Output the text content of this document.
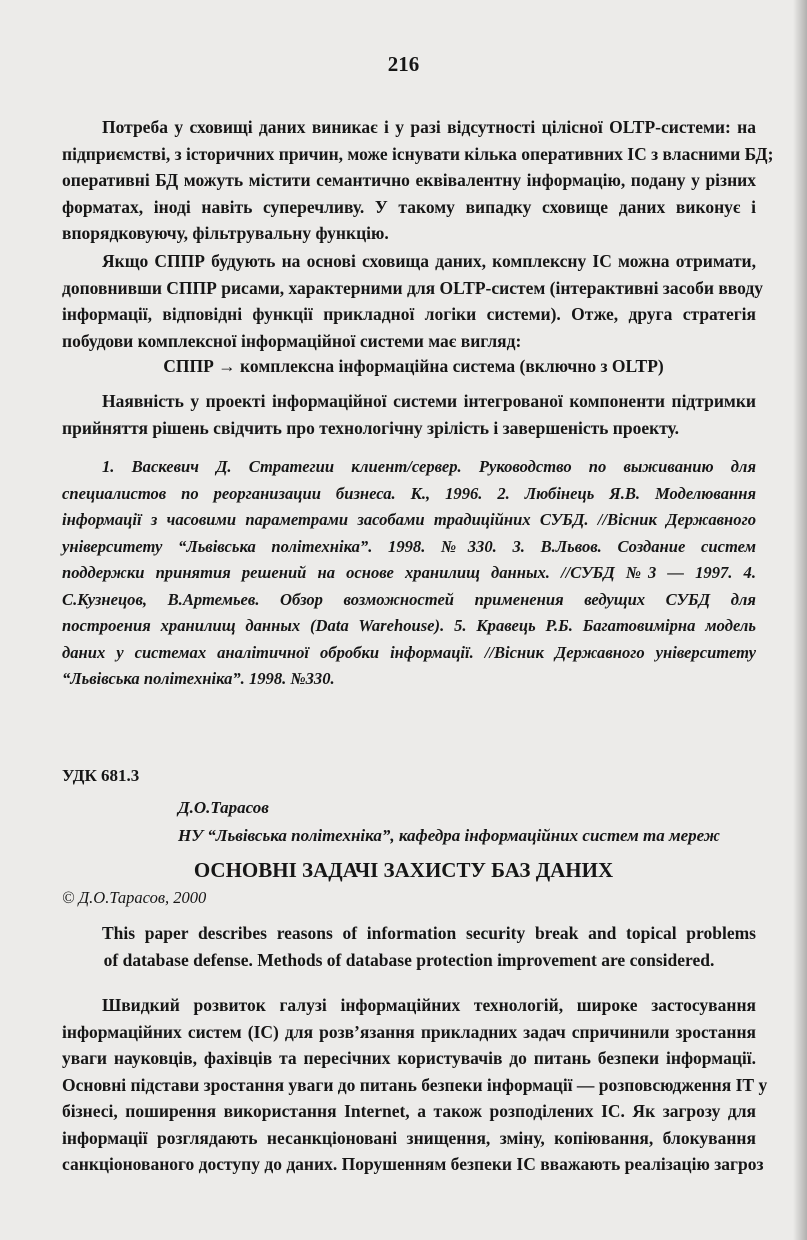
216
Потреба у сховищі даних виникає і у разі відсутності цілісної OLTP-системи: на
підприємстві, з історичних причин, може існувати кілька оперативних ІС з власними БД;
оперативні БД можуть містити семантично еквівалентну інформацію, подану у різних
форматах, іноді навіть суперечливу. У такому випадку сховище даних виконує і
впорядковуючу, фільтрувальну функцію.
Якщо СППР будують на основі сховища даних, комплексну ІС можна отримати,
доповнивши СППР рисами, характерними для OLTP-систем (інтерактивні засоби вводу
інформації, відповідні функції прикладної логіки системи). Отже, друга стратегія
побудови комплексної інформаційної системи має вигляд:
СППР → комплексна інформаційна система (включно з OLTP)
Наявність у проекті інформаційної системи інтегрованої компоненти підтримки
прийняття рішень свідчить про технологічну зрілість і завершеність проекту.
1. Васкевич Д. Стратегии клиент/сервер. Руководство по выживанию для
специалистов по реорганизации бизнеса. К., 1996. 2. Любінець Я.В. Моделювання
інформації з часовими параметрами засобами традиційних СУБД. //Вісник Державного
університету “Львівська політехніка”. 1998. №330. 3. В.Львов. Создание систем
поддержки принятия решений на основе хранилищ данных. //СУБД №3 — 1997. 4.
С.Кузнецов, В.Артемьев. Обзор возможностей применения ведущих СУБД для
построения хранилищ данных (Data Warehouse). 5. Кравець Р.Б. Багатовимірна модель
даних у системах аналітичної обробки інформації. //Вісник Державного університету
“Львівська політехніка”. 1998. №330.
УДК 681.3
Д.О.Тарасов
НУ “Львівська політехніка”, кафедра інформаційних систем та мереж
ОСНОВНІ ЗАДАЧІ ЗАХИСТУ БАЗ ДАНИХ
© Д.О.Тарасов, 2000
This paper describes reasons of information security break and topical problems
of database defense. Methods of database protection improvement are considered.
Швидкий розвиток галузі інформаційних технологій, широке застосування
інформаційних систем (ІС) для розв’язання прикладних задач спричинили зростання
уваги науковців, фахівців та пересічних користувачів до питань безпеки інформації.
Основні підстави зростання уваги до питань безпеки інформації — розповсюдження ІТ у
бізнесі, поширення використання Internet, а також розподілених ІС. Як загрозу для
інформації розглядають несанкціоновані знищення, зміну, копіювання, блокування
санкціонованого доступу до даних. Порушенням безпеки ІС вважають реалізацію загроз
